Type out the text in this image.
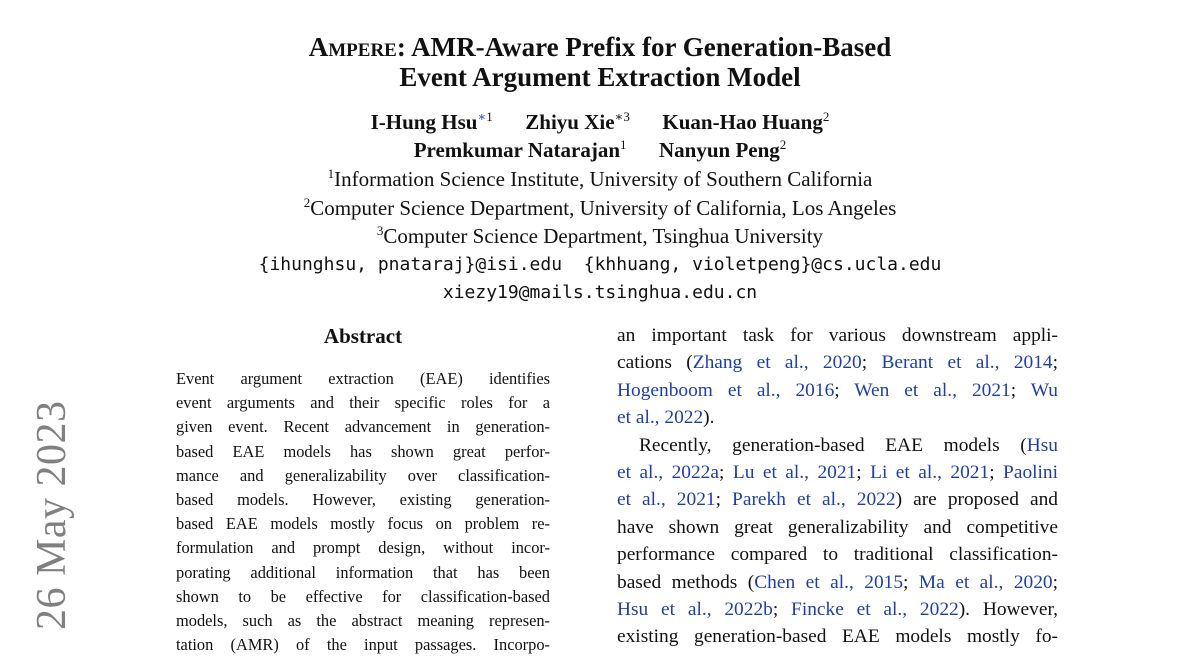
26 May 2023
Ampere: AMR-Aware Prefix for Generation-Based
Event Argument Extraction Model
I-Hung Hsu$^{∗1}$ Zhiyu Xie$^{∗3}$ Kuan-Hao Huang$^2$
Premkumar Natarajan$^1$ Nanyun Peng$^2$
$^1$Information Science Institute, University of Southern California
$^2$Computer Science Department, University of California, Los Angeles
$^3$Computer Science Department, Tsinghua University
{ihunghsu, pnataraj}@isi.edu  {khhuang, violetpeng}@cs.ucla.edu
xiezy19@mails.tsinghua.edu.cn
Abstract
Event argument extraction (EAE) identifies
event arguments and their specific roles for a
given event. Recent advancement in generation-
based EAE models has shown great perfor-
mance and generalizability over classification-
based models. However, existing generation-
based EAE models mostly focus on problem re-
formulation and prompt design, without incor-
porating additional information that has been
shown to be effective for classification-based
models, such as the abstract meaning represen-
tation (AMR) of the input passages. Incorpo-
an important task for various downstream appli-
cations (Zhang et al., 2020; Berant et al., 2014;
Hogenboom et al., 2016; Wen et al., 2021; Wu
et al., 2022).
Recently, generation-based EAE models (Hsu
et al., 2022a; Lu et al., 2021; Li et al., 2021; Paolini
et al., 2021; Parekh et al., 2022) are proposed and
have shown great generalizability and competitive
performance compared to traditional classification-
based methods (Chen et al., 2015; Ma et al., 2020;
Hsu et al., 2022b; Fincke et al., 2022). However,
existing generation-based EAE models mostly fo-
